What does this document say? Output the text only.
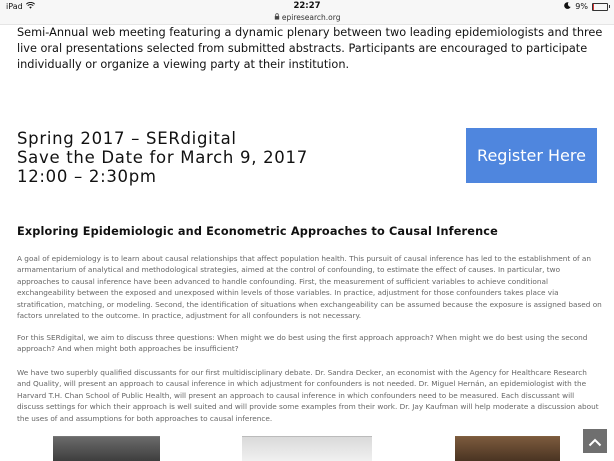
iPad	22:27	9%
epiresearch.org

Semi-Annual web meeting featuring a dynamic plenary between two leading epidemiologists and three live oral presentations selected from submitted abstracts. Participants are encouraged to participate individually or organize a viewing party at their institution.

Spring 2017 – SERdigital
Save the Date for March 9, 2017
12:00 – 2:30pm
Register Here
Exploring Epidemiologic and Econometric Approaches to Causal Inference

A goal of epidemiology is to learn about causal relationships that affect population health. This pursuit of causal inference has led to the establishment of an armamentarium of analytical and methodological strategies, aimed at the control of confounding, to estimate the effect of causes. In particular, two approaches to causal inference have been advanced to handle confounding. First, the measurement of sufficient variables to achieve conditional exchangeability between the exposed and unexposed within levels of those variables. In practice, adjustment for those confounders takes place via stratification, matching, or modeling. Second, the identification of situations when exchangeability can be assumed because the exposure is assigned based on factors unrelated to the outcome. In practice, adjustment for all confounders is not necessary.

For this SERdigital, we aim to discuss three questions: When might we do best using the first approach approach? When might we do best using the second approach? And when might both approaches be insufficient?

We have two superbly qualified discussants for our first multidisciplinary debate. Dr. Sandra Decker, an economist with the Agency for Healthcare Research and Quality, will present an approach to causal inference in which adjustment for confounders is not needed. Dr. Miguel Hernán, an epidemiologist with the Harvard T.H. Chan School of Public Health, will present an approach to causal inference in which confounders need to be measured. Each discussant will discuss settings for which their approach is well suited and will provide some examples from their work. Dr. Jay Kaufman will help moderate a discussion about the uses of and assumptions for both approaches to causal inference.
